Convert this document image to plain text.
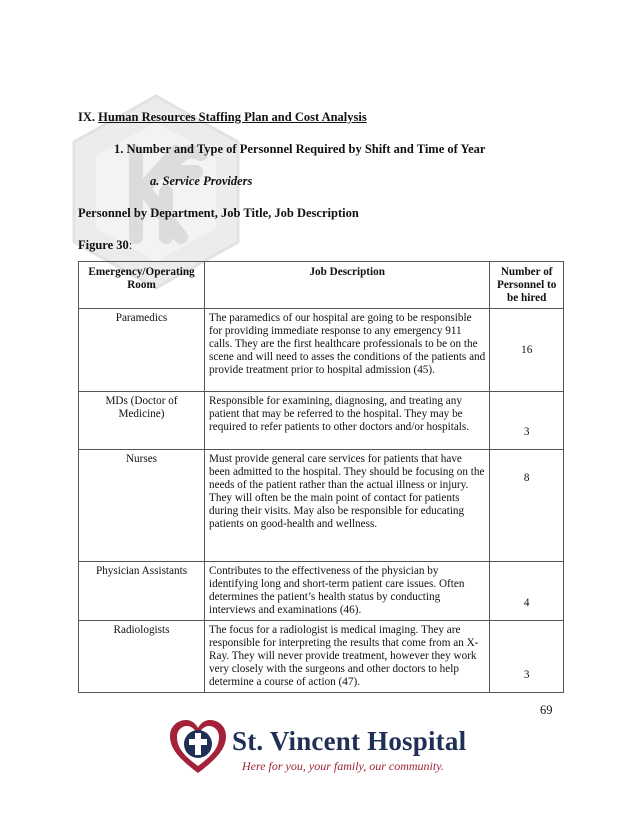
IX. Human Resources Staffing Plan and Cost Analysis
1. Number and Type of Personnel Required by Shift and Time of Year
a. Service Providers
Personnel by Department, Job Title, Job Description
Figure 30:
Emergency/Operating Room	Job Description	Number of Personnel to be hired
Paramedics	The paramedics of our hospital are going to be responsible for providing immediate response to any emergency 911 calls. They are the first healthcare professionals to be on the scene and will need to asses the conditions of the patients and provide treatment prior to hospital admission (45).	16
MDs (Doctor of Medicine)	Responsible for examining, diagnosing, and treating any patient that may be referred to the hospital. They may be required to refer patients to other doctors and/or hospitals.	3
Nurses	Must provide general care services for patients that have been admitted to the hospital. They should be focusing on the needs of the patient rather than the actual illness or injury. They will often be the main point of contact for patients during their visits. May also be responsible for educating patients on good-health and wellness.	8
Physician Assistants	Contributes to the effectiveness of the physician by identifying long and short-term patient care issues. Often determines the patient’s health status by conducting interviews and examinations (46).	4
Radiologists	The focus for a radiologist is medical imaging. They are responsible for interpreting the results that come from an X-Ray. They will never provide treatment, however they work very closely with the surgeons and other doctors to help determine a course of action (47).	3
69
St. Vincent Hospital
Here for you, your family, our community.
